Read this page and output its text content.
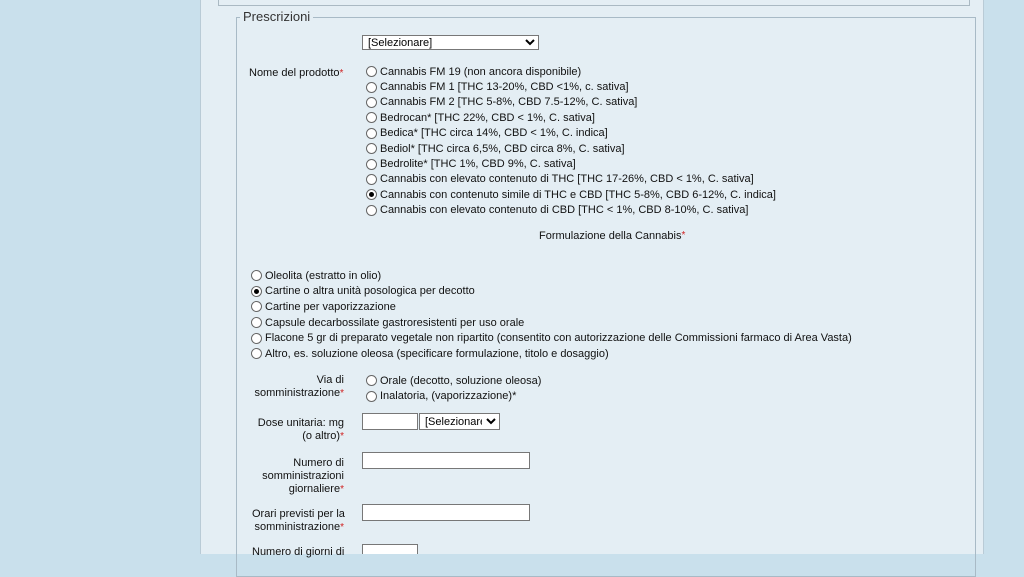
Prescrizioni
[Selezionare]
Nome del prodotto*	Cannabis FM 19 (non ancora disponibile)
Cannabis FM 1 [THC 13-20%, CBD <1%, c. sativa]
Cannabis FM 2 [THC 5-8%, CBD 7.5-12%, C. sativa]
Bedrocan* [THC 22%, CBD < 1%, C. sativa]
Bedica* [THC circa 14%, CBD < 1%, C. indica]
Bediol* [THC circa 6,5%, CBD circa 8%, C. sativa]
Bedrolite* [THC 1%, CBD 9%, C. sativa]
Cannabis con elevato contenuto di THC [THC 17-26%, CBD < 1%, C. sativa]
Cannabis con contenuto simile di THC e CBD [THC 5-8%, CBD 6-12%, C. indica]
Cannabis con elevato contenuto di CBD [THC < 1%, CBD 8-10%, C. sativa]
Formulazione della Cannabis*
Oleolita (estratto in olio)
Cartine o altra unità posologica per decotto
Cartine per vaporizzazione
Capsule decarbossilate gastroresistenti per uso orale
Flacone 5 gr di preparato vegetale non ripartito (consentito con autorizzazione delle Commissioni farmaco di Area Vasta)
Altro, es. soluzione oleosa (specificare formulazione, titolo e dosaggio)
Via di
somministrazione*
Orale (decotto, soluzione oleosa)
Inalatoria, (vaporizzazione)*
Dose unitaria: mg
(o altro)*
[Selezionare]
Numero di
somministrazioni
giornaliere*
Orari previsti per la
somministrazione*
Numero di giorni di
